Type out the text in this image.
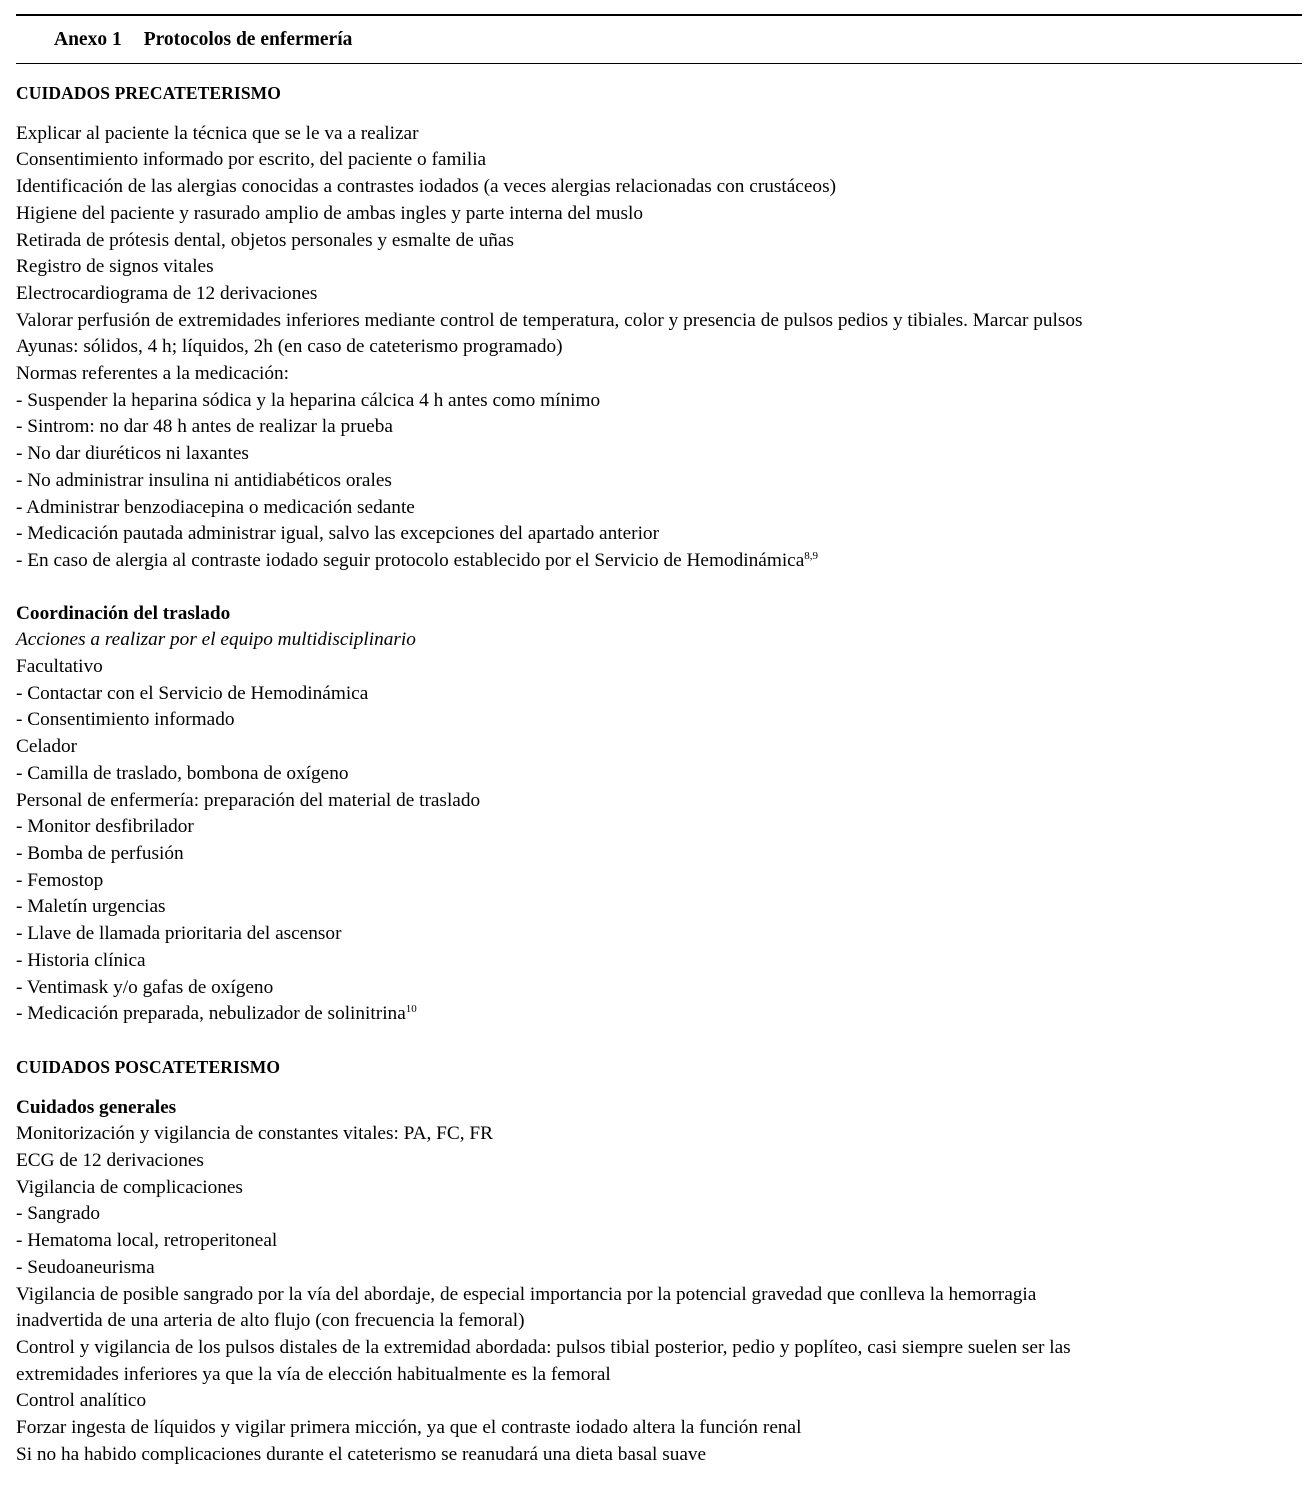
Anexo 1 Protocolos de enfermería
CUIDADOS PRECATETERISMO
Explicar al paciente la técnica que se le va a realizar
Consentimiento informado por escrito, del paciente o familia
Identificación de las alergias conocidas a contrastes iodados (a veces alergias relacionadas con crustáceos)
Higiene del paciente y rasurado amplio de ambas ingles y parte interna del muslo
Retirada de prótesis dental, objetos personales y esmalte de uñas
Registro de signos vitales
Electrocardiograma de 12 derivaciones
Valorar perfusión de extremidades inferiores mediante control de temperatura, color y presencia de pulsos pedios y tibiales. Marcar pulsos
Ayunas: sólidos, 4 h; líquidos, 2h (en caso de cateterismo programado)
Normas referentes a la medicación:
- Suspender la heparina sódica y la heparina cálcica 4 h antes como mínimo
- Sintrom: no dar 48 h antes de realizar la prueba
- No dar diuréticos ni laxantes
- No administrar insulina ni antidiabéticos orales
- Administrar benzodiacepina o medicación sedante
- Medicación pautada administrar igual, salvo las excepciones del apartado anterior
- En caso de alergia al contraste iodado seguir protocolo establecido por el Servicio de Hemodinámica$^{8,9}$
Coordinación del traslado
Acciones a realizar por el equipo multidisciplinario
Facultativo
- Contactar con el Servicio de Hemodinámica
- Consentimiento informado
Celador
- Camilla de traslado, bombona de oxígeno
Personal de enfermería: preparación del material de traslado
- Monitor desfibrilador
- Bomba de perfusión
- Femostop
- Maletín urgencias
- Llave de llamada prioritaria del ascensor
- Historia clínica
- Ventimask y/o gafas de oxígeno
- Medicación preparada, nebulizador de solinitrina$^{10}$
CUIDADOS POSCATETERISMO
Cuidados generales
Monitorización y vigilancia de constantes vitales: PA, FC, FR
ECG de 12 derivaciones
Vigilancia de complicaciones
- Sangrado
- Hematoma local, retroperitoneal
- Seudoaneurisma
Vigilancia de posible sangrado por la vía del abordaje, de especial importancia por la potencial gravedad que conlleva la hemorragia
inadvertida de una arteria de alto flujo (con frecuencia la femoral)
Control y vigilancia de los pulsos distales de la extremidad abordada: pulsos tibial posterior, pedio y poplíteo, casi siempre suelen ser las
extremidades inferiores ya que la vía de elección habitualmente es la femoral
Control analítico
Forzar ingesta de líquidos y vigilar primera micción, ya que el contraste iodado altera la función renal
Si no ha habido complicaciones durante el cateterismo se reanudará una dieta basal suave
